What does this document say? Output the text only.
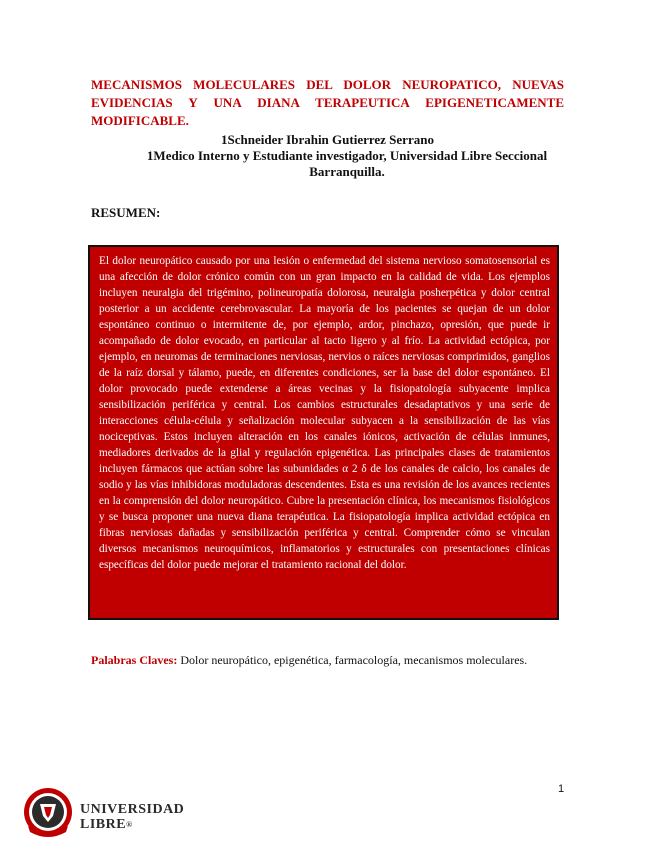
MECANISMOS MOLECULARES DEL DOLOR NEUROPATICO, NUEVAS EVIDENCIAS Y UNA DIANA TERAPEUTICA EPIGENETICAMENTE MODIFICABLE.

1Schneider Ibrahin Gutierrez Serrano

1Medico Interno y Estudiante investigador, Universidad Libre Seccional Barranquilla.

RESUMEN:

El dolor neuropático causado por una lesión o enfermedad del sistema nervioso somatosensorial es una afección de dolor crónico común con un gran impacto en la calidad de vida. Los ejemplos incluyen neuralgia del trigémino, polineuropatía dolorosa, neuralgia posherpética y dolor central posterior a un accidente cerebrovascular. La mayoría de los pacientes se quejan de un dolor espontáneo continuo o intermitente de, por ejemplo, ardor, pinchazo, opresión, que puede ir acompañado de dolor evocado, en particular al tacto ligero y al frío. La actividad ectópica, por ejemplo, en neuromas de terminaciones nerviosas, nervios o raíces nerviosas comprimidos, ganglios de la raíz dorsal y tálamo, puede, en diferentes condiciones, ser la base del dolor espontáneo. El dolor provocado puede extenderse a áreas vecinas y la fisiopatología subyacente implica sensibilización periférica y central. Los cambios estructurales desadaptativos y una serie de interacciones célula-célula y señalización molecular subyacen a la sensibilización de las vías nociceptivas. Estos incluyen alteración en los canales iónicos, activación de células inmunes, mediadores derivados de la glial y regulación epigenética. Las principales clases de tratamientos incluyen fármacos que actúan sobre las subunidades α 2 δ de los canales de calcio, los canales de sodio y las vías inhibidoras moduladoras descendentes. Esta es una revisión de los avances recientes en la comprensión del dolor neuropático. Cubre la presentación clínica, los mecanismos fisiológicos y se busca proponer una nueva diana terapéutica. La fisiopatología implica actividad ectópica en fibras nerviosas dañadas y sensibilización periférica y central. Comprender cómo se vinculan diversos mecanismos neuroquímicos, inflamatorios y estructurales con presentaciones clínicas específicas del dolor puede mejorar el tratamiento racional del dolor.

Palabras Claves: Dolor neuropático, epigenética, farmacología, mecanismos moleculares.

1
UNIVERSIDAD
LIBRE®
